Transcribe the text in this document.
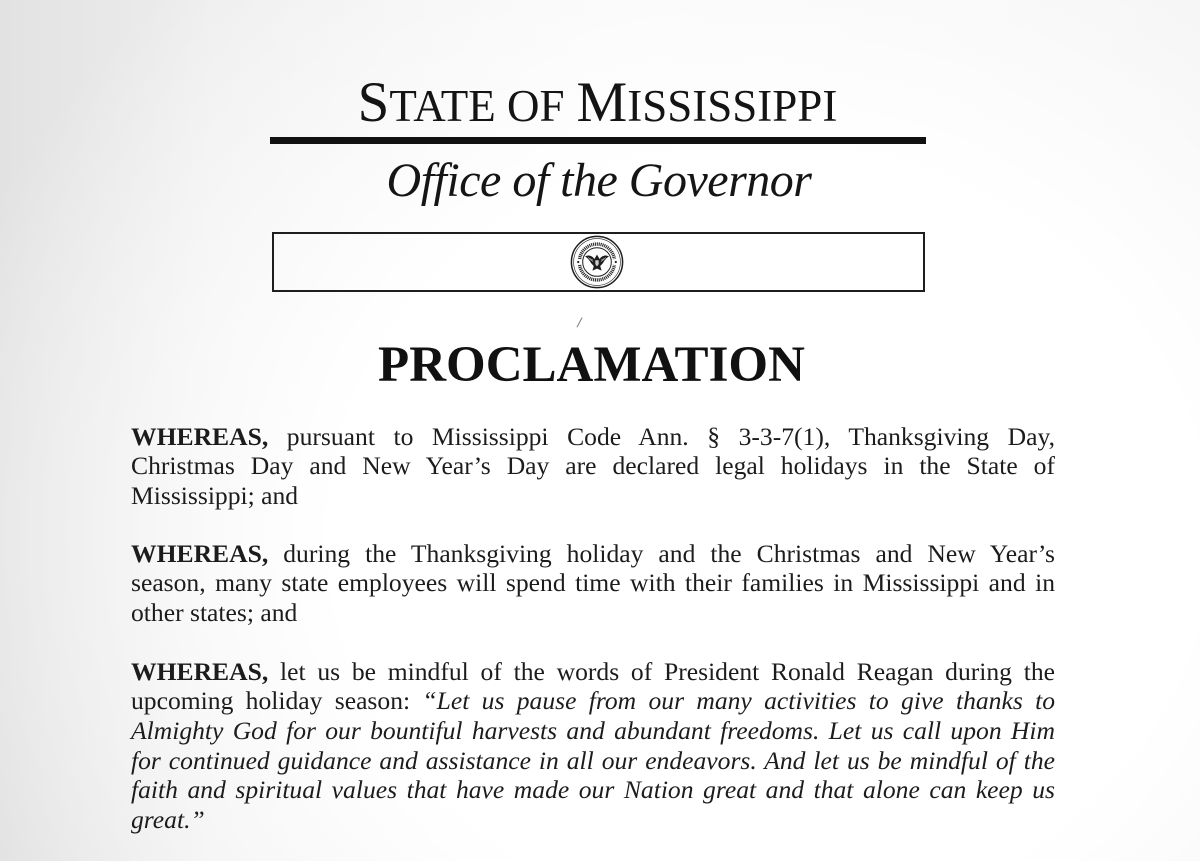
STATE OF MISSISSIPPI
Office of the Governor
PROCLAMATION
WHEREAS, pursuant to Mississippi Code Ann. § 3-3-7(1), Thanksgiving Day,
Christmas Day and New Year’s Day are declared legal holidays in the State of
Mississippi; and
WHEREAS, during the Thanksgiving holiday and the Christmas and New Year’s
season, many state employees will spend time with their families in Mississippi and in
other states; and
WHEREAS, let us be mindful of the words of President Ronald Reagan during the
upcoming holiday season: “Let us pause from our many activities to give thanks to
Almighty God for our bountiful harvests and abundant freedoms. Let us call upon Him
for continued guidance and assistance in all our endeavors. And let us be mindful of the
faith and spiritual values that have made our Nation great and that alone can keep us
great.”
